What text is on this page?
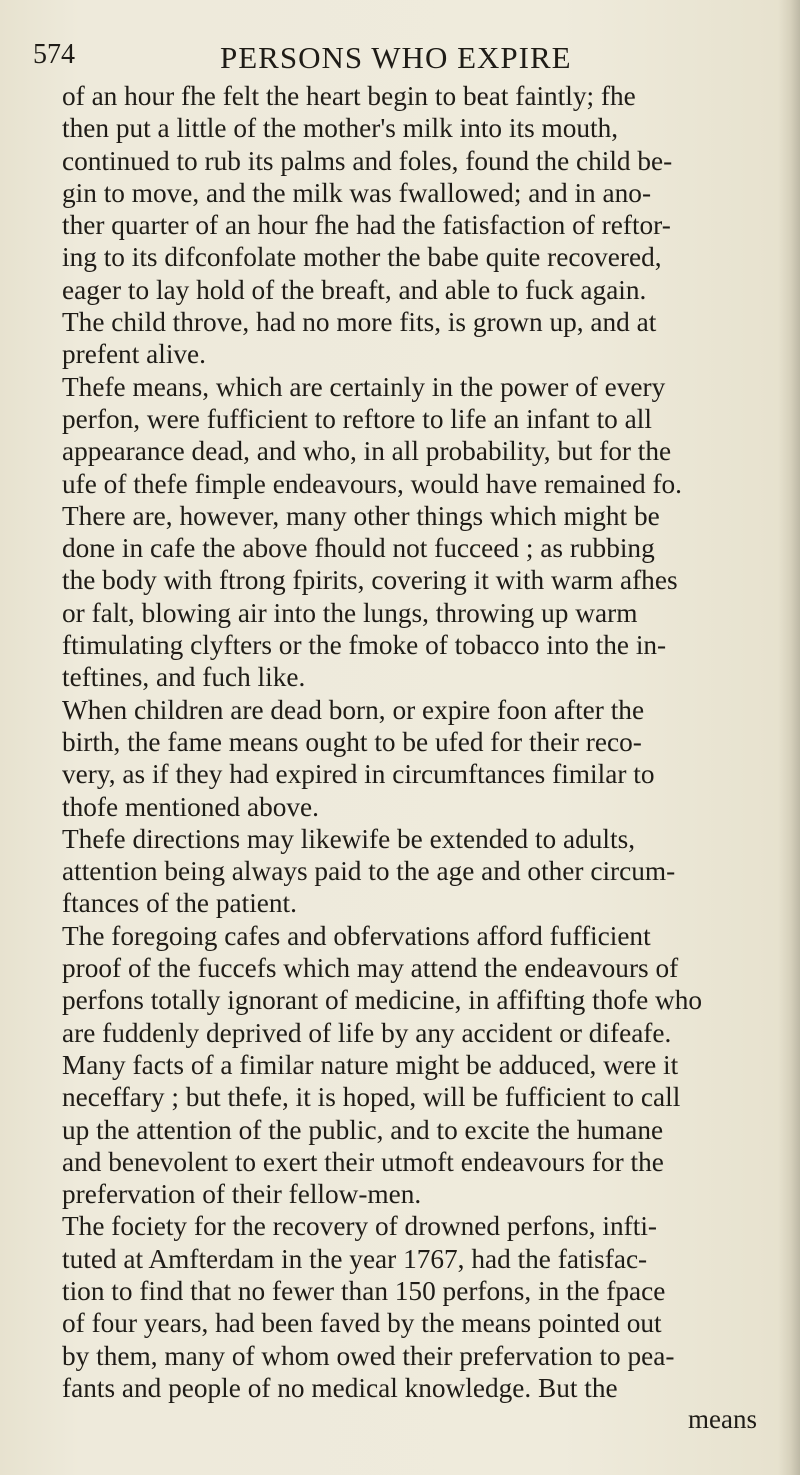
574	PERSONS WHO EXPIRE
of an hour fhe felt the heart begin to beat faintly; fhe
then put a little of the mother's milk into its mouth,
continued to rub its palms and foles, found the child be-
gin to move, and the milk was fwallowed; and in ano-
ther quarter of an hour fhe had the fatisfaction of reftor-
ing to its difconfolate mother the babe quite recovered,
eager to lay hold of the breaft, and able to fuck again.
The child throve, had no more fits, is grown up, and at
prefent alive.
Thefe means, which are certainly in the power of every
perfon, were fufficient to reftore to life an infant to all
appearance dead, and who, in all probability, but for the
ufe of thefe fimple endeavours, would have remained fo.
There are, however, many other things which might be
done in cafe the above fhould not fucceed ; as rubbing
the body with ftrong fpirits, covering it with warm afhes
or falt, blowing air into the lungs, throwing up warm
ftimulating clyfters or the fmoke of tobacco into the in-
teftines, and fuch like.
When children are dead born, or expire foon after the
birth, the fame means ought to be ufed for their reco-
very, as if they had expired in circumftances fimilar to
thofe mentioned above.
Thefe directions may likewife be extended to adults,
attention being always paid to the age and other circum-
ftances of the patient.
The foregoing cafes and obfervations afford fufficient
proof of the fuccefs which may attend the endeavours of
perfons totally ignorant of medicine, in affifting thofe who
are fuddenly deprived of life by any accident or difeafe.
Many facts of a fimilar nature might be adduced, were it
neceffary ; but thefe, it is hoped, will be fufficient to call
up the attention of the public, and to excite the humane
and benevolent to exert their utmoft endeavours for the
prefervation of their fellow-men.
The fociety for the recovery of drowned perfons, infti-
tuted at Amfterdam in the year 1767, had the fatisfac-
tion to find that no fewer than 150 perfons, in the fpace
of four years, had been faved by the means pointed out
by them, many of whom owed their prefervation to pea-
fants and people of no medical knowledge. But the
means
